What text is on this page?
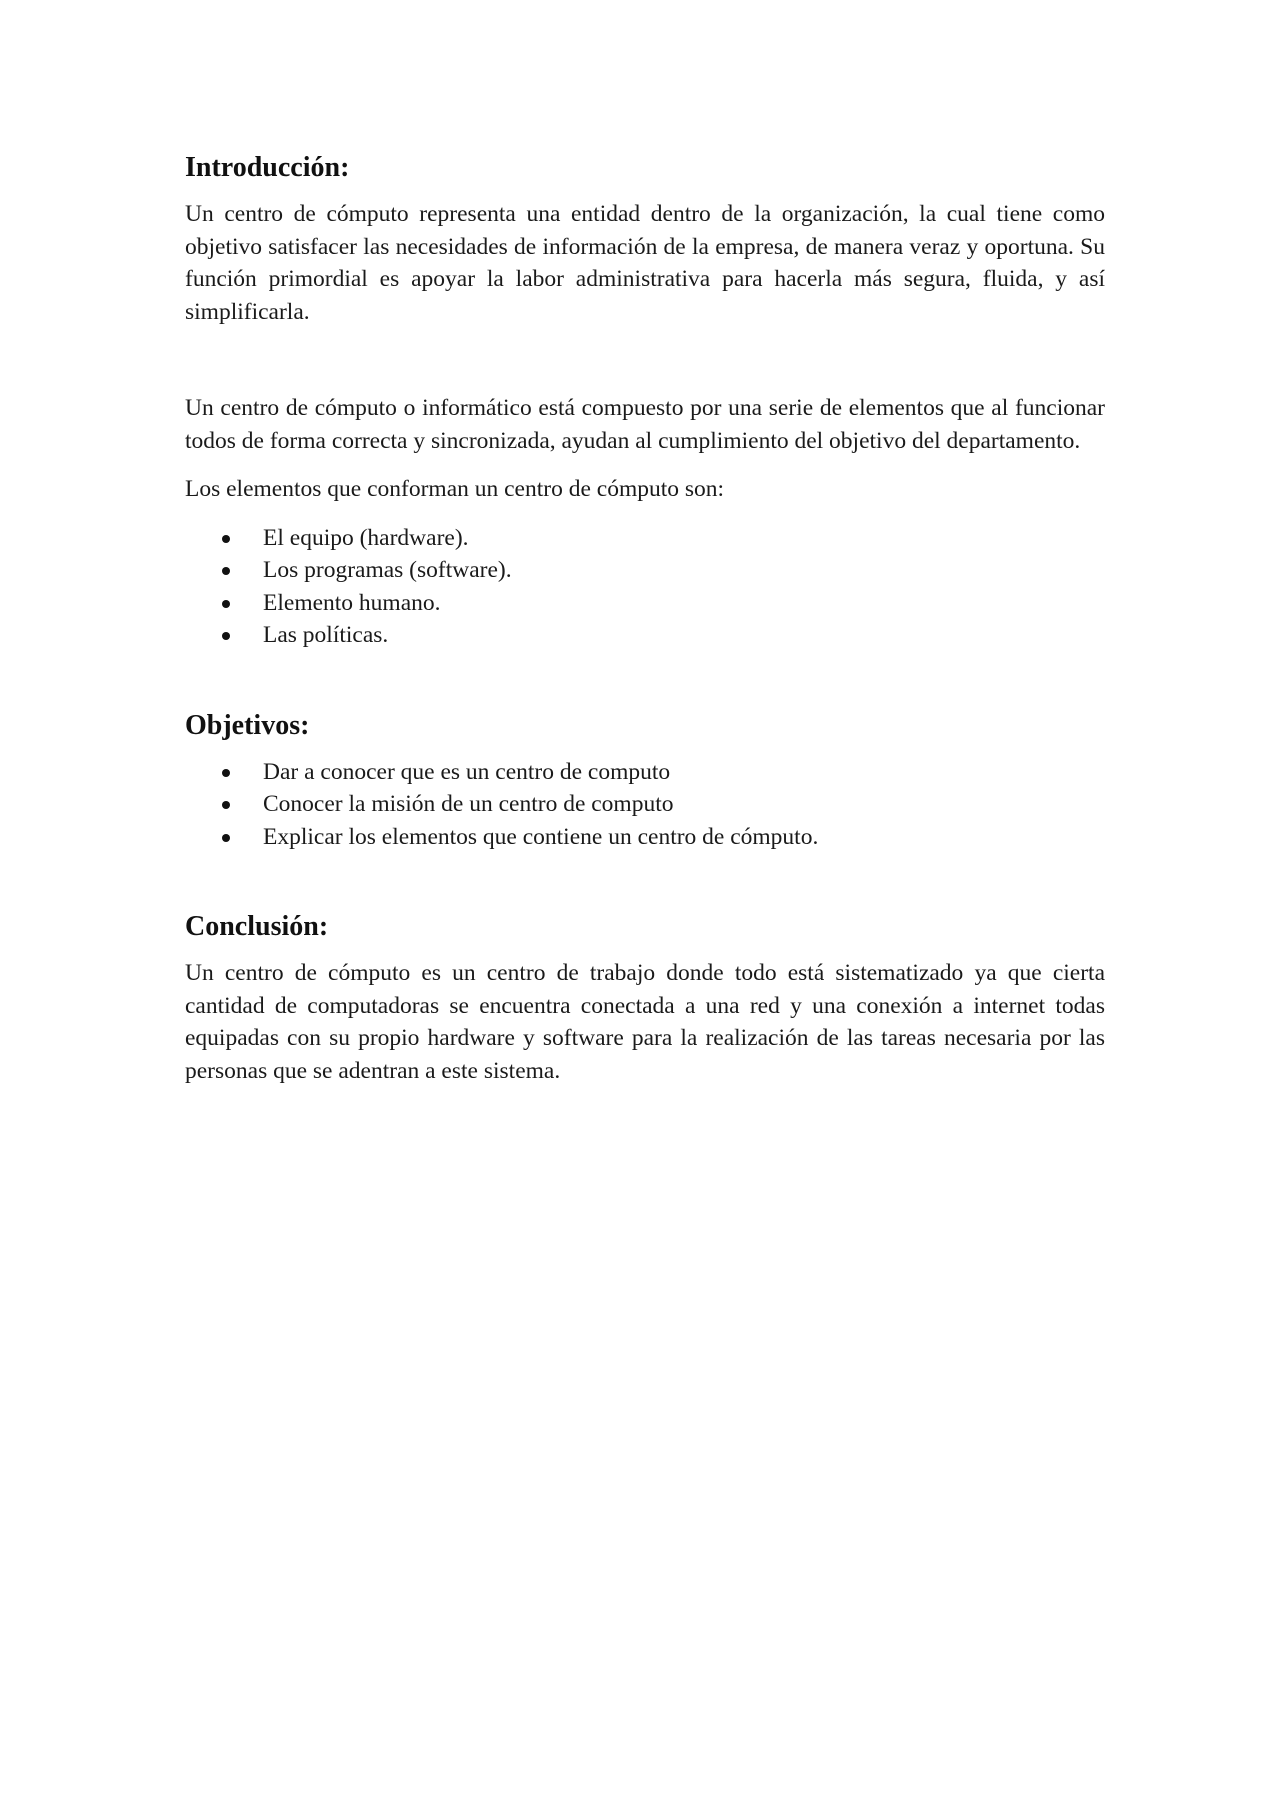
Introducción:

Un centro de cómputo representa una entidad dentro de la organización, la cual tiene como objetivo satisfacer las necesidades de información de la empresa, de manera veraz y oportuna. Su función primordial es apoyar la labor administrativa para hacerla más segura, fluida, y así simplificarla.

Un centro de cómputo o informático está compuesto por una serie de elementos que al funcionar todos de forma correcta y sincronizada, ayudan al cumplimiento del objetivo del departamento.

Los elementos que conforman un centro de cómputo son:

El equipo (hardware).
Los programas (software).
Elemento humano.
Las políticas.
Objetivos:
Dar a conocer que es un centro de computo
Conocer la misión de un centro de computo
Explicar los elementos que contiene un centro de cómputo.
Conclusión:

Un centro de cómputo es un centro de trabajo donde todo está sistematizado ya que cierta cantidad de computadoras se encuentra conectada a una red y una conexión a internet todas equipadas con su propio hardware y software para la realización de las tareas necesaria por las personas que se adentran a este sistema.
